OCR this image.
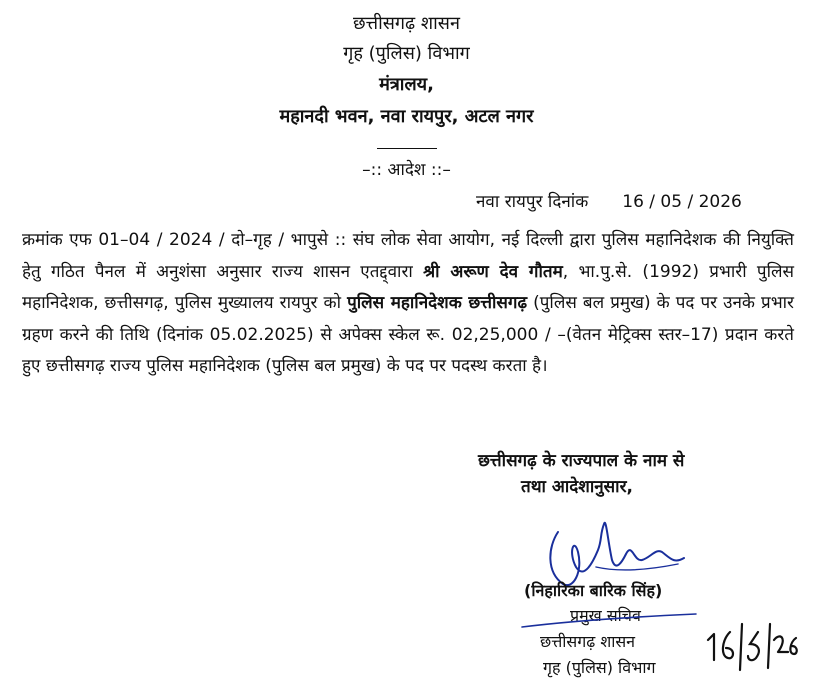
छत्तीसगढ़ शासन
गृह (पुलिस) विभाग
मंत्रालय,
महानदी भवन, नवा रायपुर, अटल नगर
–:: आदेश ::–
नवा रायपुर दिनांक 16 / 05 / 2026
क्रमांक एफ 01–04 / 2024 / दो–गृह / भापुसे :: संघ लोक सेवा आयोग, नई दिल्ली द्वारा पुलिस महानिदेशक की नियुक्ति हेतु गठित पैनल में अनुशंसा अनुसार राज्य शासन एतद्द्वारा श्री अरूण देव गौतम, भा.पु.से. (1992) प्रभारी पुलिस महानिदेशक, छत्तीसगढ़, पुलिस मुख्यालय रायपुर को पुलिस महानिदेशक छत्तीसगढ़ (पुलिस बल प्रमुख) के पद पर उनके प्रभार ग्रहण करने की तिथि (दिनांक 05.02.2025) से अपेक्स स्केल रू. 02,25,000 / –(वेतन मेट्रिक्स स्तर–17) प्रदान करते हुए छत्तीसगढ़ राज्य पुलिस महानिदेशक (पुलिस बल प्रमुख) के पद पर पदस्थ करता है।
छत्तीसगढ़ के राज्यपाल के नाम से
तथा आदेशानुसार,
(निहारिका बारिक सिंह)
प्रमुख सचिव
छत्तीसगढ़ शासन
गृह (पुलिस) विभाग
